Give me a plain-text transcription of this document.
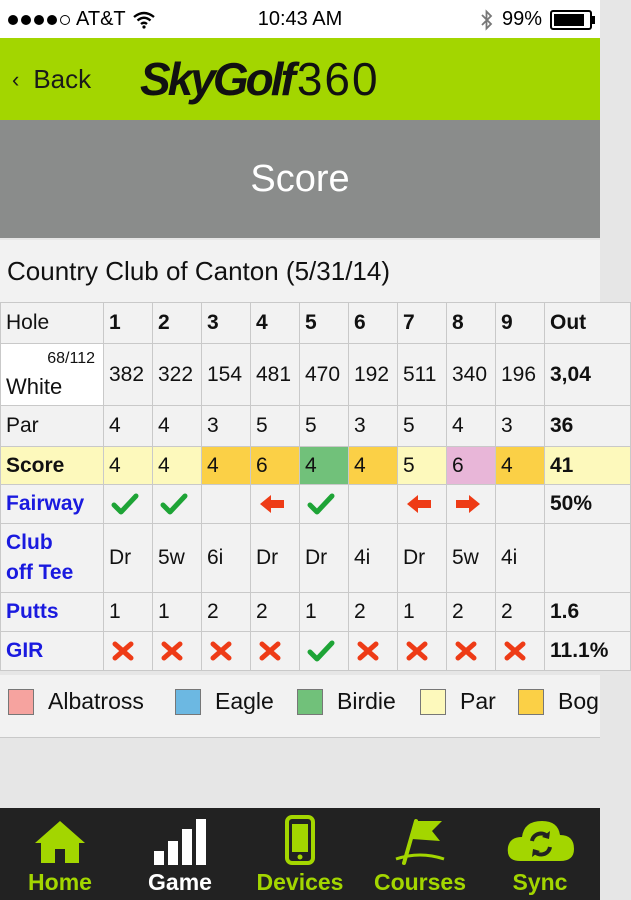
AT&T	10:43 AM	99%
‹ Back SkyGolf360
Score
Country Club of Canton (5/31/14)
Hole	1	2	3	4	5	6	7	8	9	Out

68/112
White	382	322	154	481	470	192	511	340	196	3,04
Par	4	4	3	5	5	3	5	4	3	36
Score	4	4	4	6	4	4	5	6	4	41
Fairway										50%
Club
off Tee	Dr	5w	6i	Dr	Dr	4i	Dr	5w	4i	
Putts	1	1	2	2	1	2	1	2	2	1.6
GIR										11.1%
Albatross	Eagle	Birdie	Par	Bog
Home Game Devices Courses Sync
